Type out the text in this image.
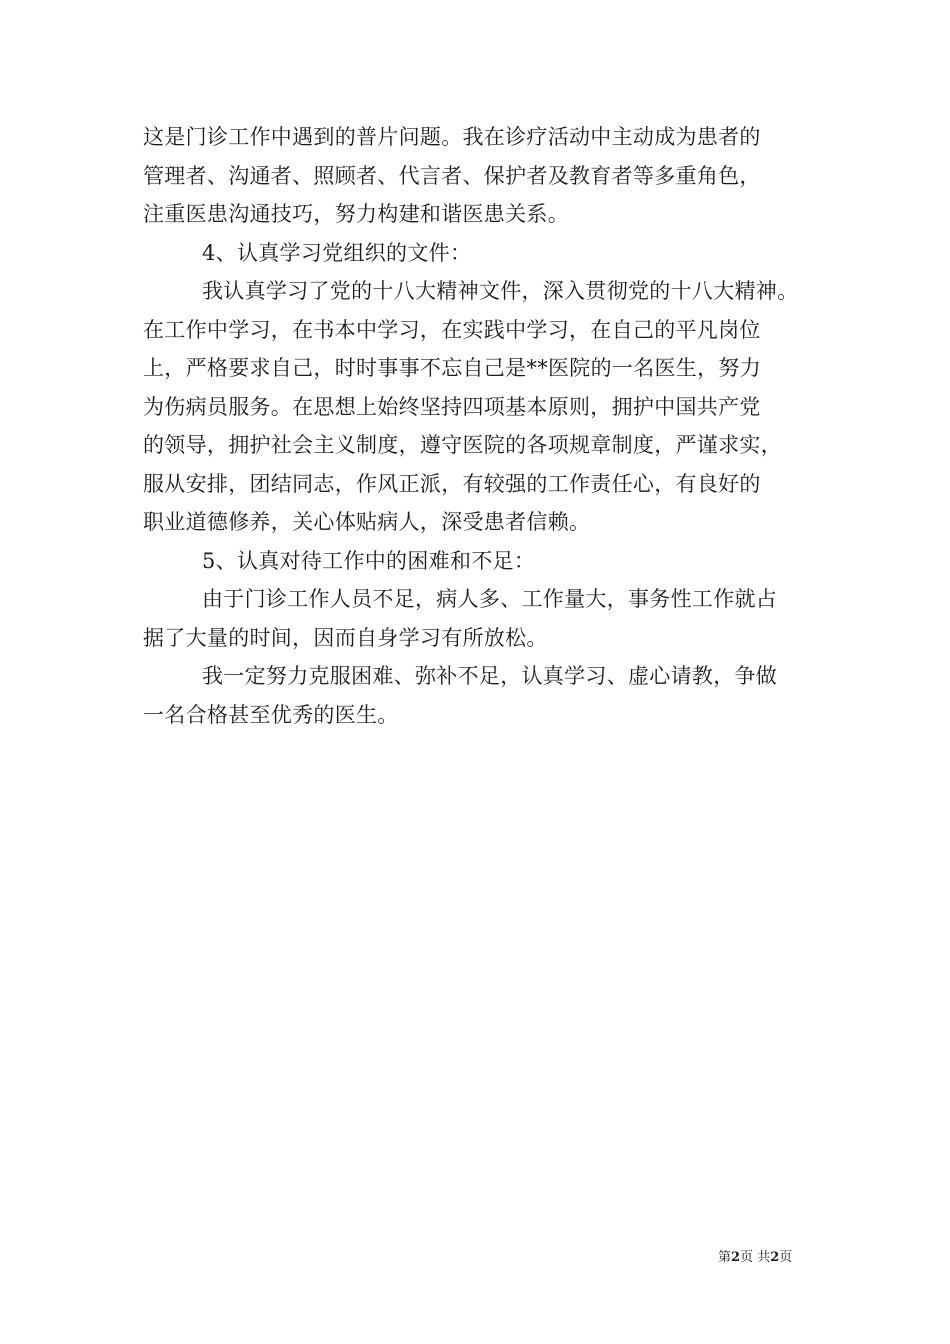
这是门诊工作中遇到的普片问题。我在诊疗活动中主动成为患者的
管理者、沟通者、照顾者、代言者、保护者及教育者等多重角色，
注重医患沟通技巧，努力构建和谐医患关系。
4、认真学习党组织的文件：
我认真学习了党的十八大精神文件，深入贯彻党的十八大精神。
在工作中学习，在书本中学习，在实践中学习，在自己的平凡岗位
上，严格要求自己，时时事事不忘自己是**医院的一名医生，努力
为伤病员服务。在思想上始终坚持四项基本原则，拥护中国共产党
的领导，拥护社会主义制度，遵守医院的各项规章制度，严谨求实，
服从安排，团结同志，作风正派，有较强的工作责任心，有良好的
职业道德修养，关心体贴病人，深受患者信赖。
5、认真对待工作中的困难和不足：
由于门诊工作人员不足，病人多、工作量大，事务性工作就占
据了大量的时间，因而自身学习有所放松。
我一定努力克服困难、弥补不足，认真学习、虚心请教，争做
一名合格甚至优秀的医生。
第2页 共2页
